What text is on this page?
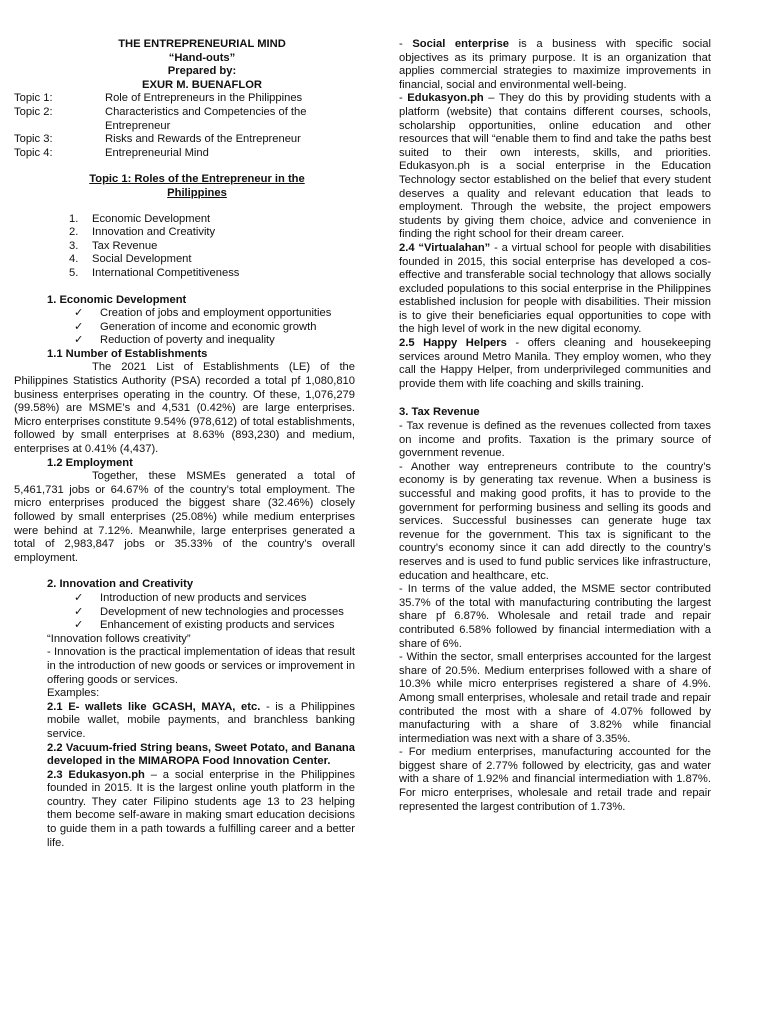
THE ENTREPRENEURIAL MIND
“Hand-outs”
Prepared by:
EXUR M. BUENAFLOR
Topic 1:	Role of Entrepreneurs in the Philippines
Topic 2:	Characteristics and Competencies of the Entrepreneur
Topic 3:	Risks and Rewards of the Entrepreneur
Topic 4:	Entrepreneurial Mind
Topic 1: Roles of the Entrepreneur in the Philippines
1.	Economic Development
2.	Innovation and Creativity
3.	Tax Revenue
4.	Social Development
5.	International Competitiveness
1. Economic Development
✓	Creation of jobs and employment opportunities
✓	Generation of income and economic growth
✓	Reduction of poverty and inequality
1.1 Number of Establishments
The 2021 List of Establishments (LE) of the Philippines Statistics Authority (PSA) recorded a total pf 1,080,810 business enterprises operating in the country. Of these, 1,076,279 (99.58%) are MSME’s and 4,531 (0.42%) are large enterprises. Micro enterprises constitute 9.54% (978,612) of total establishments, followed by small enterprises at 8.63% (893,230) and medium, enterprises at 0.41% (4,437).
1.2 Employment
Together, these MSMEs generated a total of 5,461,731 jobs or 64.67% of the country’s total employment. The micro enterprises produced the biggest share (32.46%) closely followed by small enterprises (25.08%) while medium enterprises were behind at 7.12%. Meanwhile, large enterprises generated a total of 2,983,847 jobs or 35.33% of the country’s overall employment.
2. Innovation and Creativity
✓	Introduction of new products and services
✓	Development of new technologies and processes
✓	Enhancement of existing products and services
“Innovation follows creativity”
- Innovation is the practical implementation of ideas that result in the introduction of new goods or services or improvement in offering goods or services.
Examples:
2.1 E- wallets like GCASH, MAYA, etc. - is a Philippines mobile wallet, mobile payments, and branchless banking service.
2.2 Vacuum-fried String beans, Sweet Potato, and Banana developed in the MIMAROPA Food Innovation Center.
2.3 Edukasyon.ph – a social enterprise in the Philippines founded in 2015. It is the largest online youth platform in the country. They cater Filipino students age 13 to 23 helping them become self-aware in making smart education decisions to guide them in a path towards a fulfilling career and a better life.
- Social enterprise is a business with specific social objectives as its primary purpose. It is an organization that applies commercial strategies to maximize improvements in financial, social and environmental well-being.
- Edukasyon.ph – They do this by providing students with a platform (website) that contains different courses, schools, scholarship opportunities, online education and other resources that will “enable them to find and take the paths best suited to their own interests, skills, and priorities. Edukasyon.ph is a social enterprise in the Education Technology sector established on the belief that every student deserves a quality and relevant education that leads to employment. Through the website, the project empowers students by giving them choice, advice and convenience in finding the right school for their dream career.
2.4 “Virtualahan” - a virtual school for people with disabilities founded in 2015, this social enterprise has developed a cos-effective and transferable social technology that allows socially excluded populations to this social enterprise in the Philippines established inclusion for people with disabilities. Their mission is to give their beneficiaries equal opportunities to cope with the high level of work in the new digital economy.
2.5 Happy Helpers - offers cleaning and housekeeping services around Metro Manila. They employ women, who they call the Happy Helper, from underprivileged communities and provide them with life coaching and skills training.
3. Tax Revenue
- Tax revenue is defined as the revenues collected from taxes on income and profits. Taxation is the primary source of government revenue.
- Another way entrepreneurs contribute to the country’s economy is by generating tax revenue. When a business is successful and making good profits, it has to provide to the government for performing business and selling its goods and services. Successful businesses can generate huge tax revenue for the government. This tax is significant to the country’s economy since it can add directly to the country’s reserves and is used to fund public services like infrastructure, education and healthcare, etc.
- In terms of the value added, the MSME sector contributed 35.7% of the total with manufacturing contributing the largest share pf 6.87%. Wholesale and retail trade and repair contributed 6.58% followed by financial intermediation with a share of 6%.
- Within the sector, small enterprises accounted for the largest share of 20.5%. Medium enterprises followed with a share of 10.3% while micro enterprises registered a share of 4.9%. Among small enterprises, wholesale and retail trade and repair contributed the most with a share of 4.07% followed by manufacturing with a share of 3.82% while financial intermediation was next with a share of 3.35%.
- For medium enterprises, manufacturing accounted for the biggest share of 2.77% followed by electricity, gas and water with a share of 1.92% and financial intermediation with 1.87%. For micro enterprises, wholesale and retail trade and repair represented the largest contribution of 1.73%.
